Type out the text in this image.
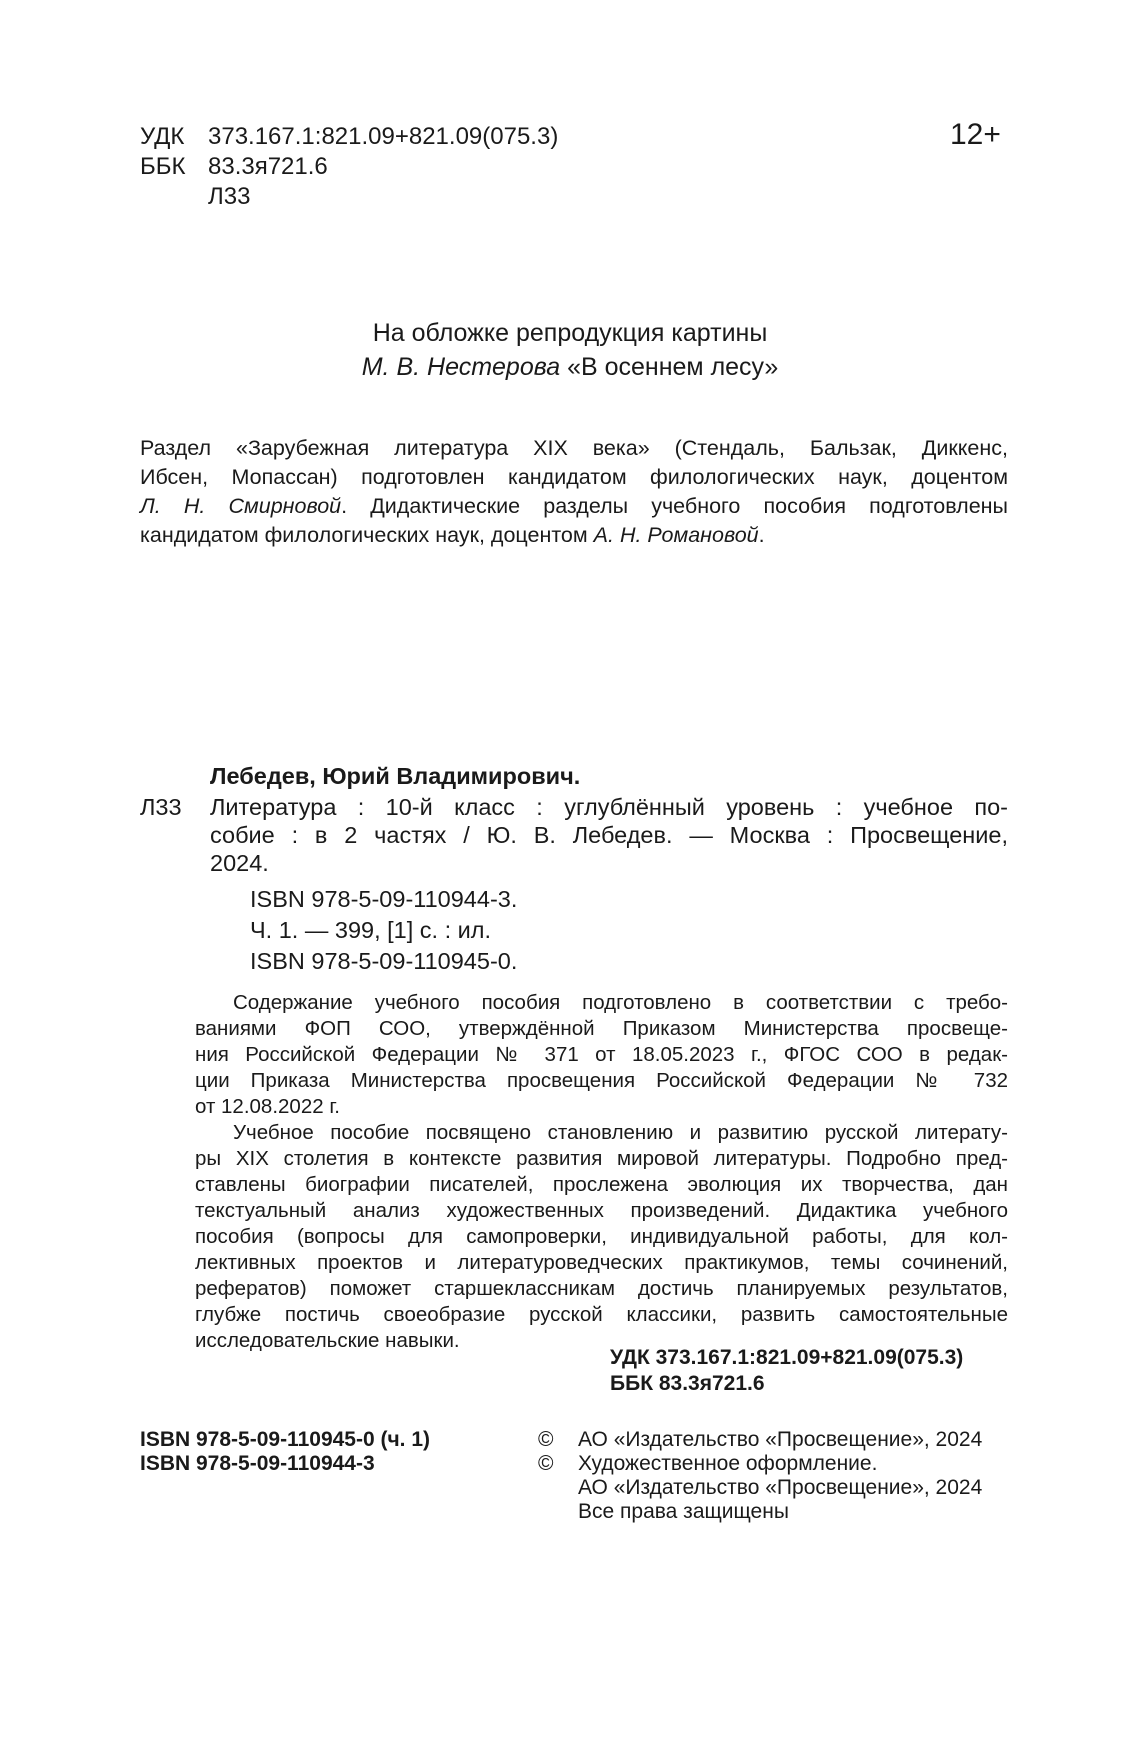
УДК 373.167.1:821.09+821.09(075.3)
ББК 83.3я721.6
Л33
12+
На обложке репродукция картины
М. В. Нестерова «В осеннем лесу»
Раздел «Зарубежная литература XIX века» (Стендаль, Бальзак, Диккенс,
Ибсен, Мопассан) подготовлен кандидатом филологических наук, доцентом
Л. Н. Смирновой. Дидактические разделы учебного пособия подготовлены
кандидатом филологических наук, доцентом А. Н. Романовой.
Лебедев, Юрий Владимирович.
Л33 Литература : 10-й класс : углублённый уровень : учебное по-
собие : в 2 частях / Ю. В. Лебедев. — Москва : Просвещение,
2024.
ISBN 978-5-09-110944-3.
Ч. 1. — 399, [1] с. : ил.
ISBN 978-5-09-110945-0.
Содержание учебного пособия подготовлено в соответствии с требо-
ваниями ФОП СОО, утверждённой Приказом Министерства просвеще-
ния Российской Федерации № 371 от 18.05.2023 г., ФГОС СОО в редак-
ции Приказа Министерства просвещения Российской Федерации № 732
от 12.08.2022 г.
Учебное пособие посвящено становлению и развитию русской литерату-
ры XIX столетия в контексте развития мировой литературы. Подробно пред-
ставлены биографии писателей, прослежена эволюция их творчества, дан
текстуальный анализ художественных произведений. Дидактика учебного
пособия (вопросы для самопроверки, индивидуальной работы, для кол-
лективных проектов и литературоведческих практикумов, темы сочинений,
рефератов) поможет старшеклассникам достичь планируемых результатов,
глубже постичь своеобразие русской классики, развить самостоятельные
исследовательские навыки.
УДК 373.167.1:821.09+821.09(075.3)
ББК 83.3я721.6
ISBN 978-5-09-110945-0 (ч. 1)
ISBN 978-5-09-110944-3
© АО «Издательство «Просвещение», 2024
© Художественное оформление.
АО «Издательство «Просвещение», 2024
Все права защищены
